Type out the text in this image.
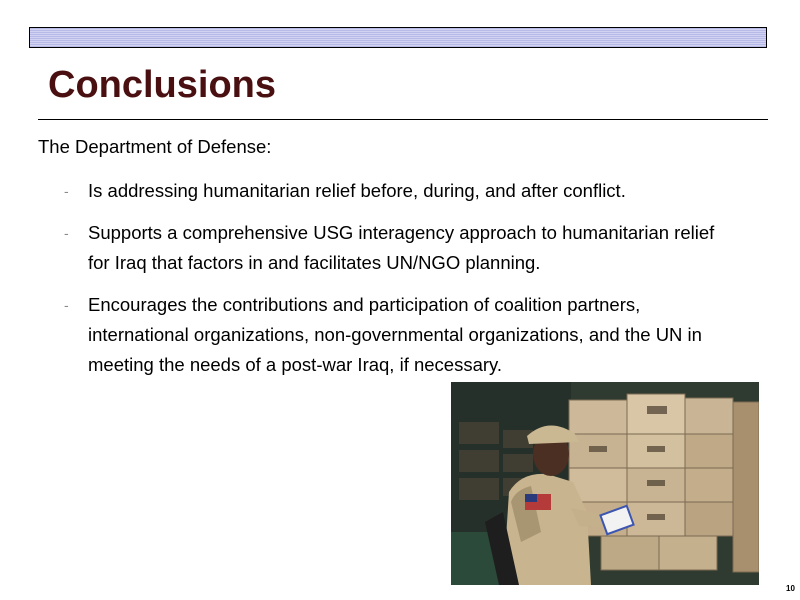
Conclusions
The Department of Defense:
- Is addressing humanitarian relief before, during, and after conflict.
- Supports a comprehensive USG interagency approach to humanitarian relief for Iraq that factors in and facilitates UN/NGO planning.
- Encourages the contributions and participation of coalition partners, international organizations, non-governmental organizations, and the UN in meeting the needs of a post-war Iraq, if necessary.
10
